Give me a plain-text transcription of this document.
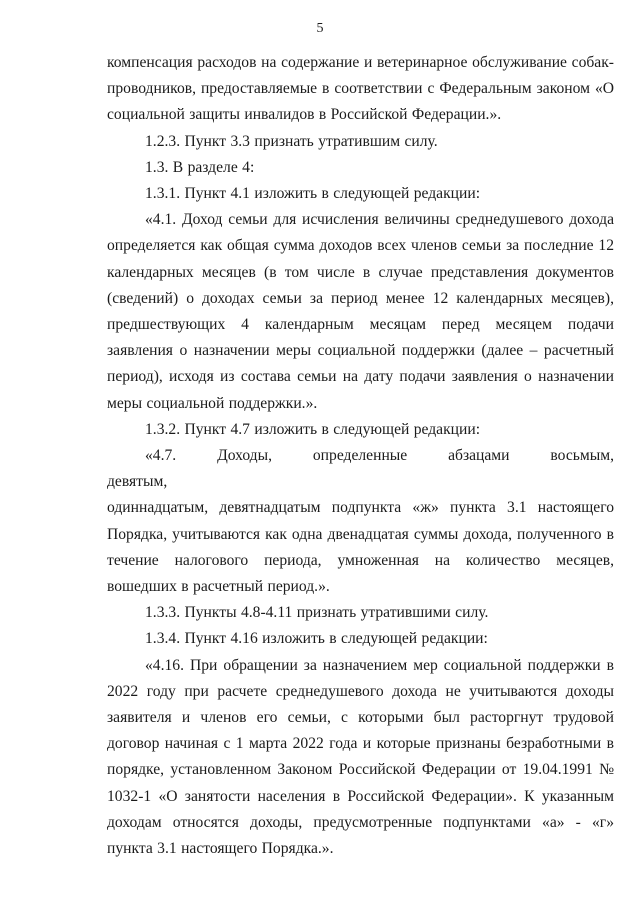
5

компенсация расходов на содержание и ветеринарное обслуживание собак-проводников, предоставляемые в соответствии с Федеральным законом «О социальной защиты инвалидов в Российской Федерации.».

1.2.3. Пункт 3.3 признать утратившим силу.

1.3. В разделе 4:

1.3.1. Пункт 4.1 изложить в следующей редакции:

«4.1. Доход семьи для исчисления величины среднедушевого дохода определяется как общая сумма доходов всех членов семьи за последние 12 календарных месяцев (в том числе в случае представления документов (сведений) о доходах семьи за период менее 12 календарных месяцев), предшествующих 4 календарным месяцам перед месяцем подачи заявления о назначении меры социальной поддержки (далее – расчетный период), исходя из состава семьи на дату подачи заявления о назначении меры социальной поддержки.».

1.3.2. Пункт 4.7 изложить в следующей редакции:

«4.7. Доходы, определенные абзацами восьмым, девятым,

одиннадцатым, девятнадцатым подпункта «ж» пункта 3.1 настоящего Порядка, учитываются как одна двенадцатая суммы дохода, полученного в течение налогового периода, умноженная на количество месяцев, вошедших в расчетный период.».

1.3.3. Пункты 4.8-4.11 признать утратившими силу.

1.3.4. Пункт 4.16 изложить в следующей редакции:

«4.16. При обращении за назначением мер социальной поддержки в 2022 году при расчете среднедушевого дохода не учитываются доходы заявителя и членов его семьи, с которыми был расторгнут трудовой договор начиная с 1 марта 2022 года и которые признаны безработными в порядке, установленном Законом Российской Федерации от 19.04.1991 № 1032-1 «О занятости населения в Российской Федерации». К указанным доходам относятся доходы, предусмотренные подпунктами «а» - «г» пункта 3.1 настоящего Порядка.».
